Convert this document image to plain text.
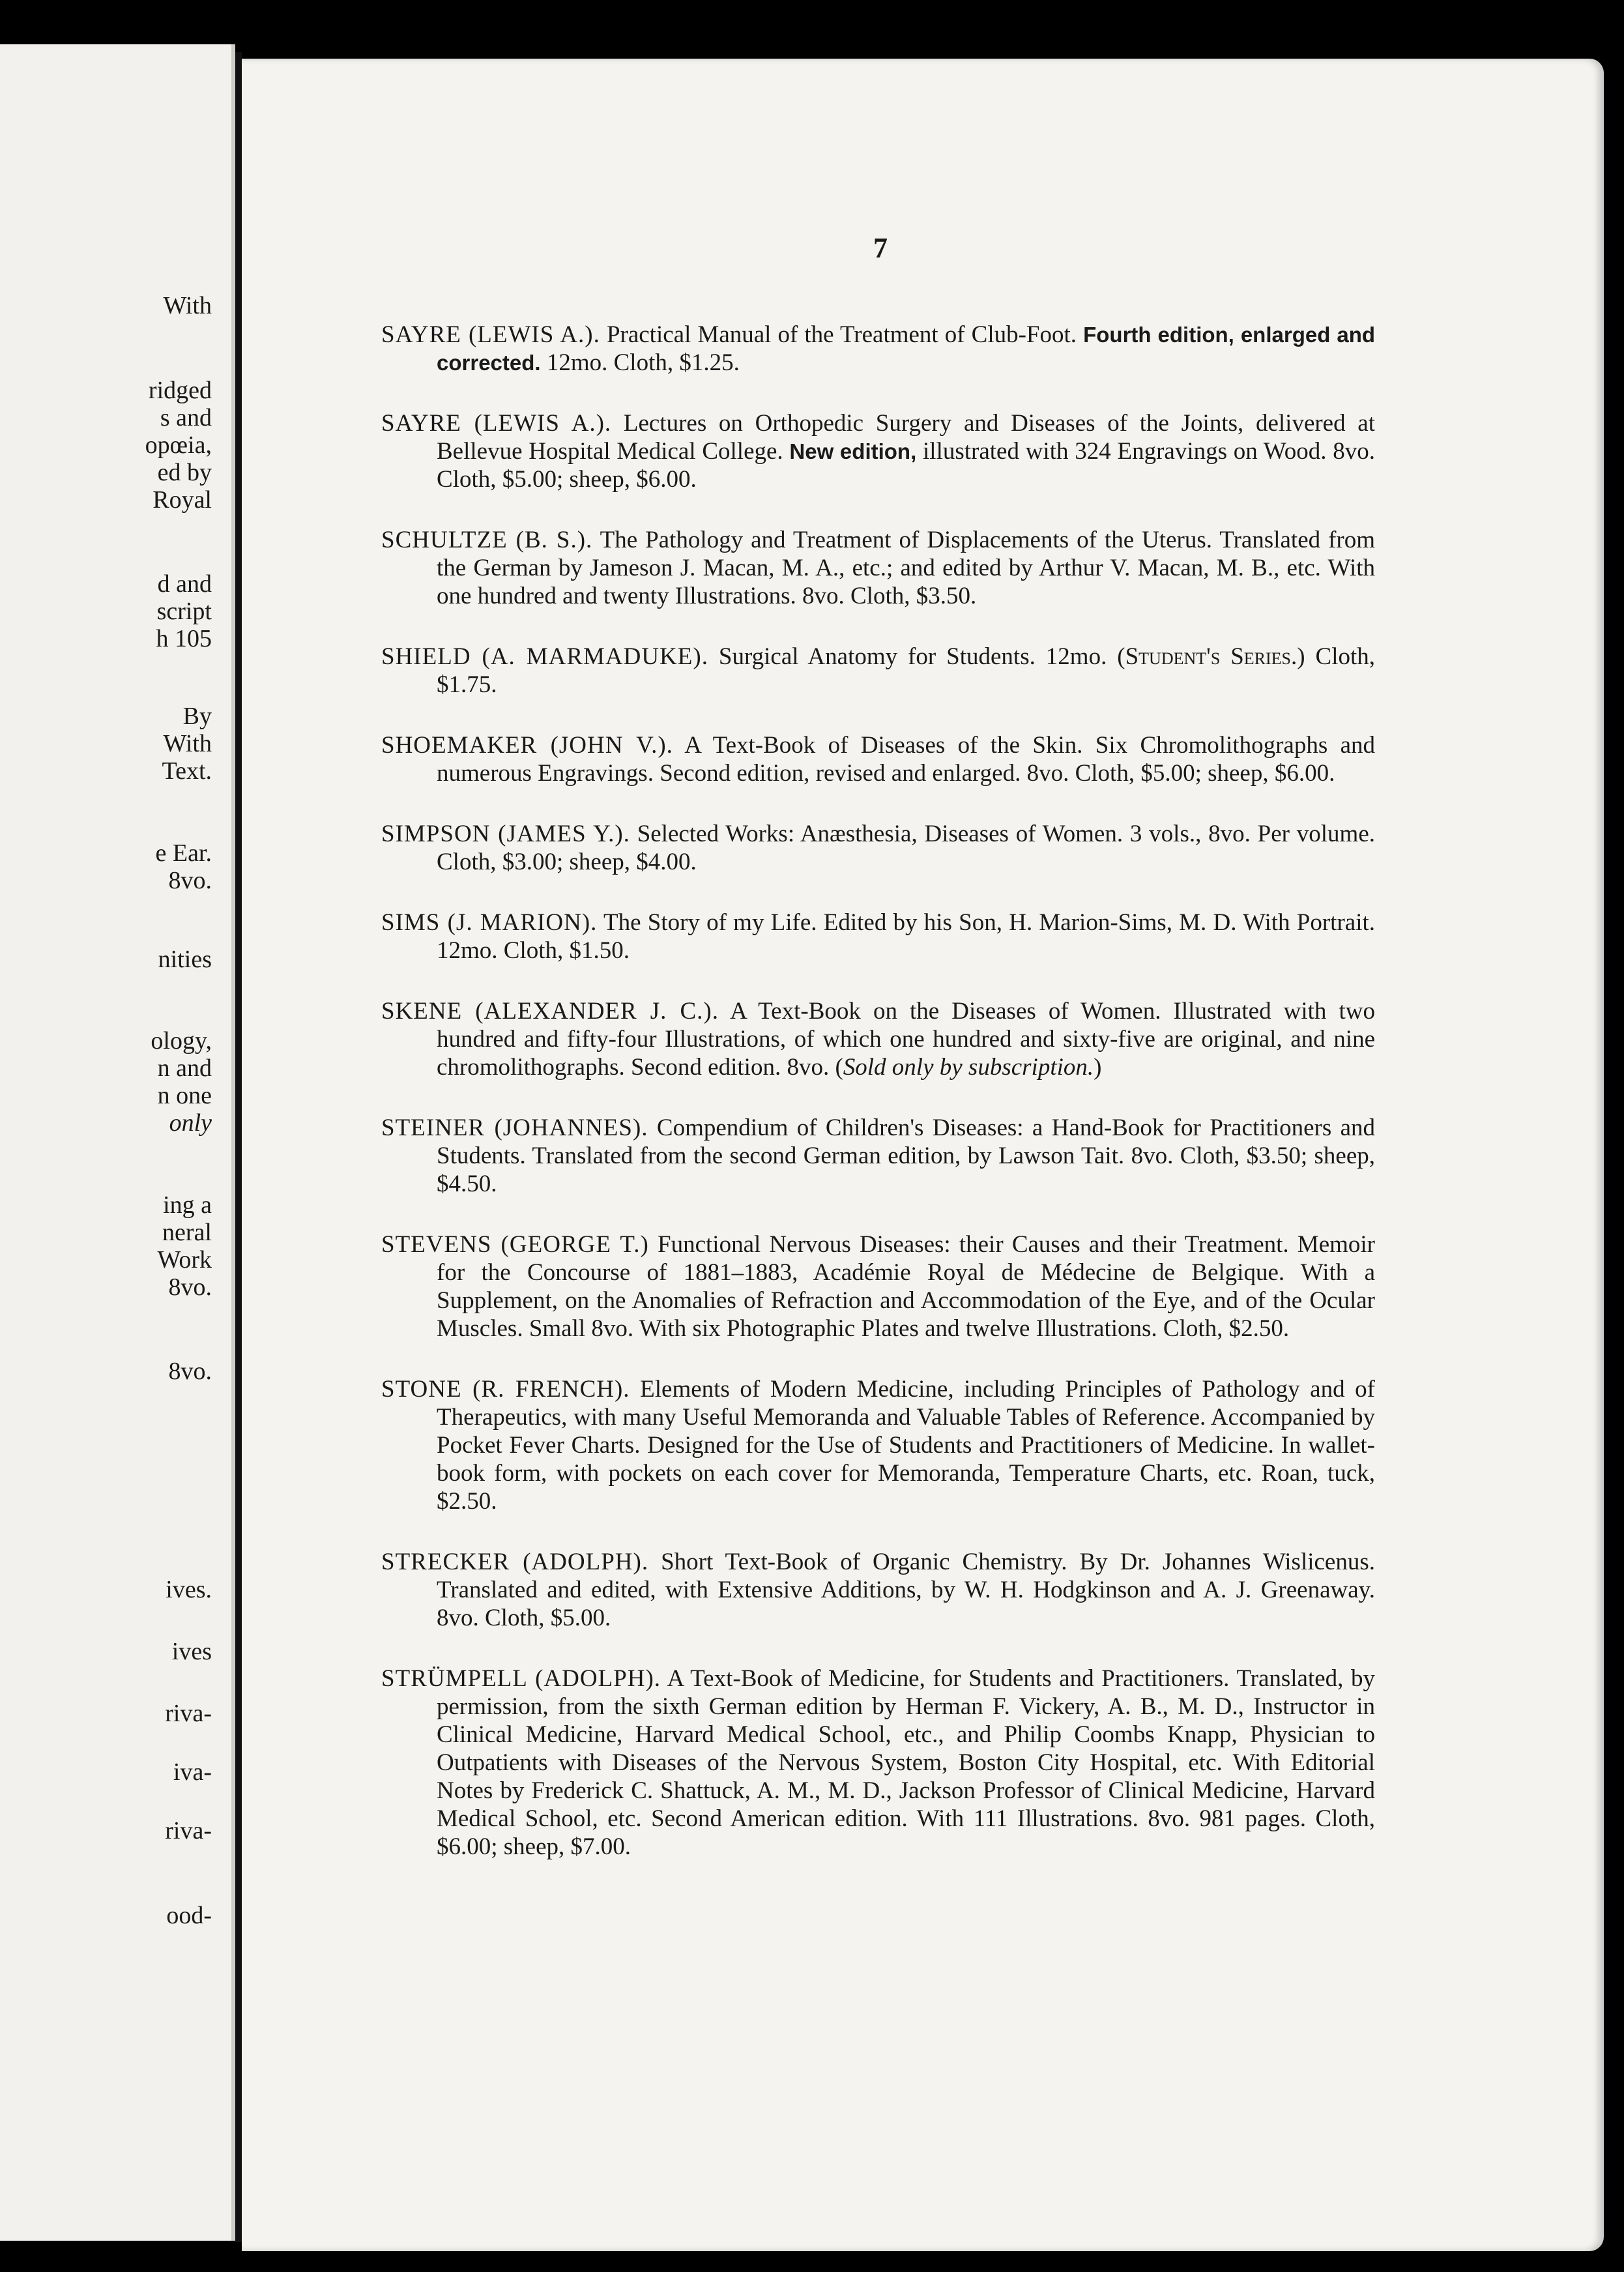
With
ridged
s and
opœia,
ed by
Royal
d and
script
h 105
By
With
Text.
e Ear.
8vo.
nities
ology,
n and
n one
only
ing a
neral
Work
8vo.
8vo.
ives.
ives
riva-
iva-
riva-
ood-
7

SAYRE (LEWIS A.). Practical Manual of the Treatment of Club-Foot. Fourth edition, enlarged and corrected. 12mo. Cloth, $1.25.

SAYRE (LEWIS A.). Lectures on Orthopedic Surgery and Diseases of the Joints, delivered at Bellevue Hospital Medical College. New edition, illustrated with 324 Engravings on Wood. 8vo. Cloth, $5.00; sheep, $6.00.

SCHULTZE (B. S.). The Pathology and Treatment of Displacements of the Uterus. Translated from the German by Jameson J. Macan, M. A., etc.; and edited by Arthur V. Macan, M. B., etc. With one hundred and twenty Illustrations. 8vo. Cloth, $3.50.

SHIELD (A. MARMADUKE). Surgical Anatomy for Students. 12mo. (Student's Series.) Cloth, $1.75.

SHOEMAKER (JOHN V.). A Text-Book of Diseases of the Skin. Six Chromolithographs and numerous Engravings. Second edition, revised and enlarged. 8vo. Cloth, $5.00; sheep, $6.00.

SIMPSON (JAMES Y.). Selected Works: Anæsthesia, Diseases of Women. 3 vols., 8vo. Per volume. Cloth, $3.00; sheep, $4.00.

SIMS (J. MARION). The Story of my Life. Edited by his Son, H. Marion-Sims, M. D. With Portrait. 12mo. Cloth, $1.50.

SKENE (ALEXANDER J. C.). A Text-Book on the Diseases of Women. Illustrated with two hundred and fifty-four Illustrations, of which one hundred and sixty-five are original, and nine chromolithographs. Second edition. 8vo. (Sold only by subscription.)

STEINER (JOHANNES). Compendium of Children's Diseases: a Hand-Book for Practitioners and Students. Translated from the second German edition, by Lawson Tait. 8vo. Cloth, $3.50; sheep, $4.50.

STEVENS (GEORGE T.) Functional Nervous Diseases: their Causes and their Treatment. Memoir for the Concourse of 1881–1883, Académie Royal de Médecine de Belgique. With a Supplement, on the Anomalies of Refraction and Accommodation of the Eye, and of the Ocular Muscles. Small 8vo. With six Photographic Plates and twelve Illustrations. Cloth, $2.50.

STONE (R. FRENCH). Elements of Modern Medicine, including Principles of Pathology and of Therapeutics, with many Useful Memoranda and Valuable Tables of Reference. Accompanied by Pocket Fever Charts. Designed for the Use of Students and Practitioners of Medicine. In wallet-book form, with pockets on each cover for Memoranda, Temperature Charts, etc. Roan, tuck, $2.50.

STRECKER (ADOLPH). Short Text-Book of Organic Chemistry. By Dr. Johannes Wislicenus. Translated and edited, with Extensive Additions, by W. H. Hodgkinson and A. J. Greenaway. 8vo. Cloth, $5.00.

STRÜMPELL (ADOLPH). A Text-Book of Medicine, for Students and Practitioners. Translated, by permission, from the sixth German edition by Herman F. Vickery, A. B., M. D., Instructor in Clinical Medicine, Harvard Medical School, etc., and Philip Coombs Knapp, Physician to Outpatients with Diseases of the Nervous System, Boston City Hospital, etc. With Editorial Notes by Frederick C. Shattuck, A. M., M. D., Jackson Professor of Clinical Medicine, Harvard Medical School, etc. Second American edition. With 111 Illustrations. 8vo. 981 pages. Cloth, $6.00; sheep, $7.00.
